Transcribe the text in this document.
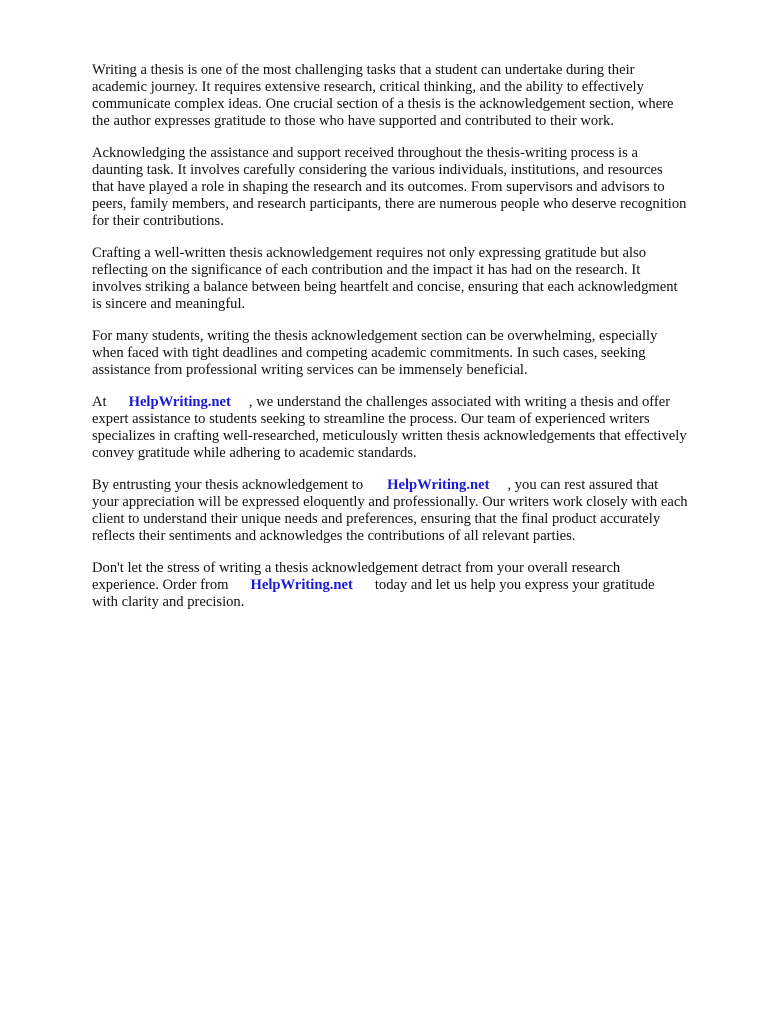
Writing a thesis is one of the most challenging tasks that a student can undertake during their
academic journey. It requires extensive research, critical thinking, and the ability to effectively
communicate complex ideas. One crucial section of a thesis is the acknowledgement section, where
the author expresses gratitude to those who have supported and contributed to their work.

Acknowledging the assistance and support received throughout the thesis-writing process is a
daunting task. It involves carefully considering the various individuals, institutions, and resources
that have played a role in shaping the research and its outcomes. From supervisors and advisors to
peers, family members, and research participants, there are numerous people who deserve recognition
for their contributions.

Crafting a well-written thesis acknowledgement requires not only expressing gratitude but also
reflecting on the significance of each contribution and the impact it has had on the research. It
involves striking a balance between being heartfelt and concise, ensuring that each acknowledgment
is sincere and meaningful.

For many students, writing the thesis acknowledgement section can be overwhelming, especially
when faced with tight deadlines and competing academic commitments. In such cases, seeking
assistance from professional writing services can be immensely beneficial.

At HelpWriting.net , we understand the challenges associated with writing a thesis and offer
expert assistance to students seeking to streamline the process. Our team of experienced writers
specializes in crafting well-researched, meticulously written thesis acknowledgements that effectively
convey gratitude while adhering to academic standards.

By entrusting your thesis acknowledgement to HelpWriting.net , you can rest assured that
your appreciation will be expressed eloquently and professionally. Our writers work closely with each
client to understand their unique needs and preferences, ensuring that the final product accurately
reflects their sentiments and acknowledges the contributions of all relevant parties.

Don't let the stress of writing a thesis acknowledgement detract from your overall research
experience. Order from HelpWriting.net today and let us help you express your gratitude
with clarity and precision.
